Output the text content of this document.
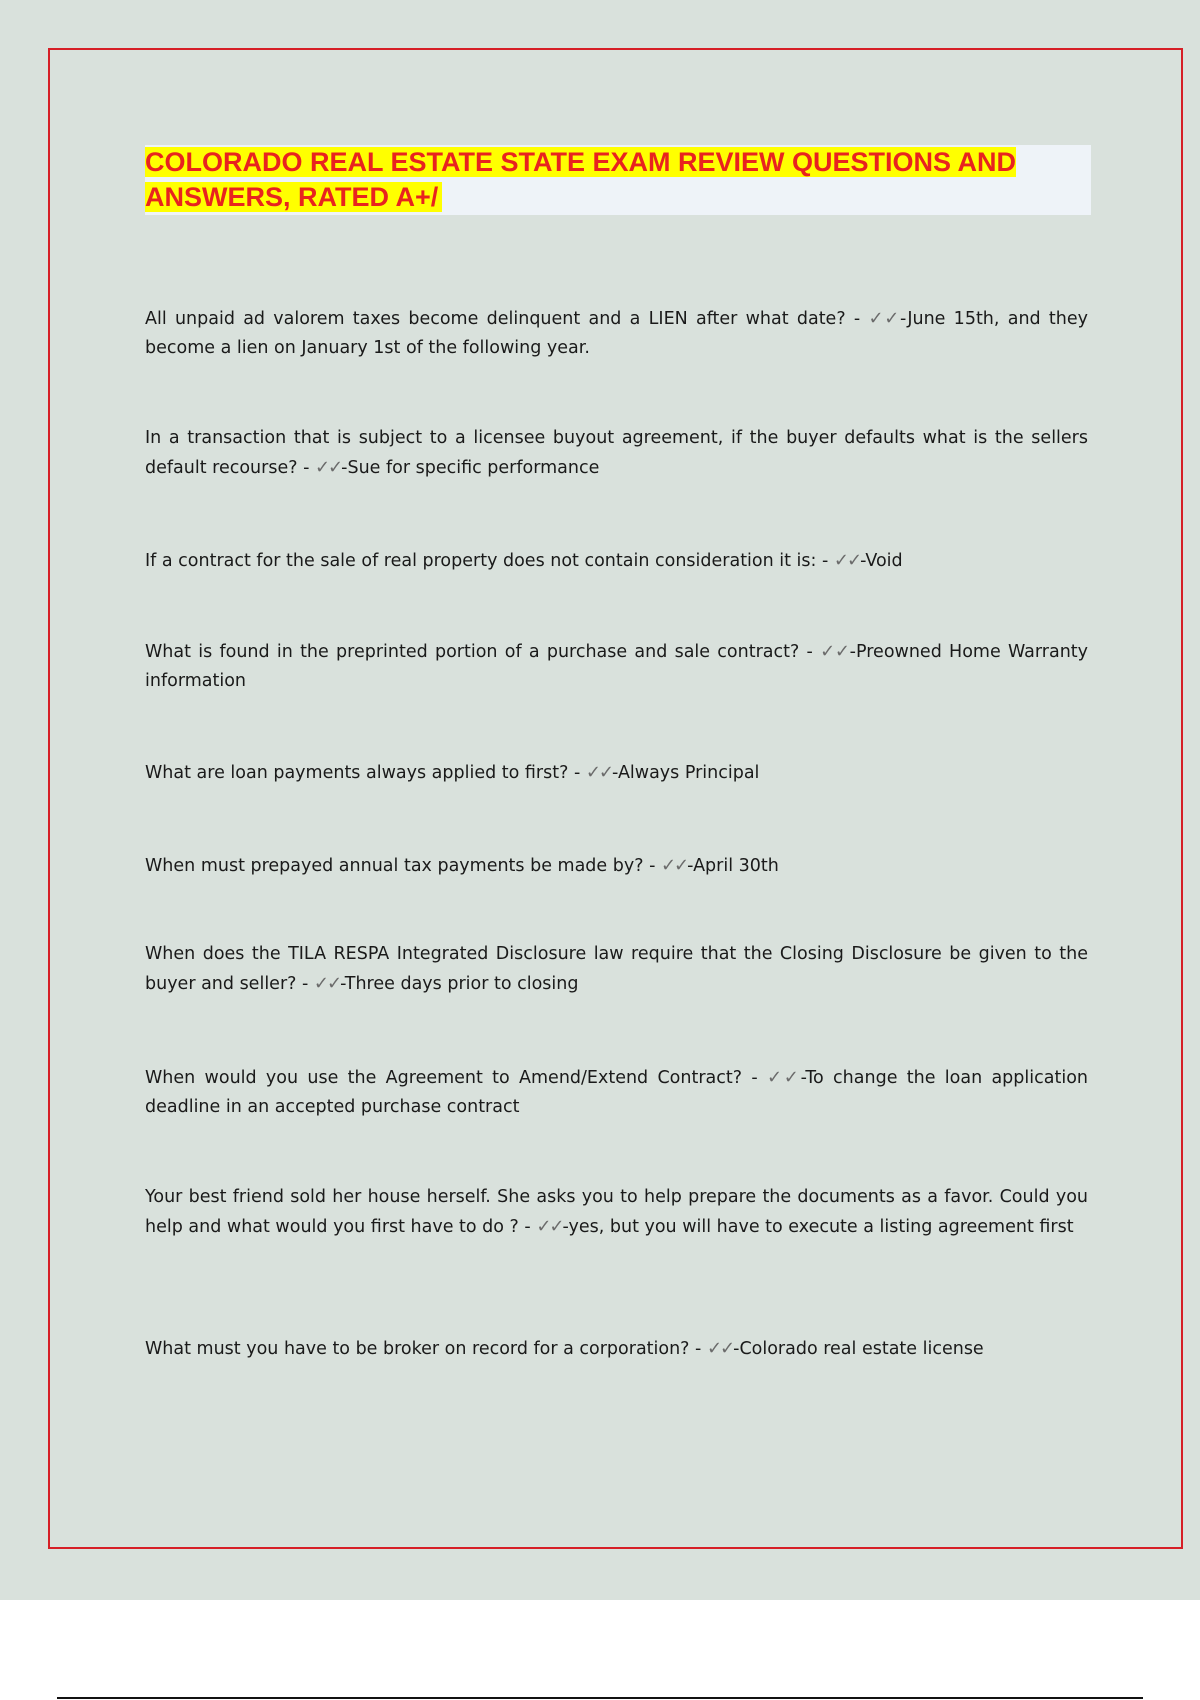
COLORADO REAL ESTATE STATE EXAM REVIEW QUESTIONS AND ANSWERS, RATED A+/

All unpaid ad valorem taxes become delinquent and a LIEN after what date? - ✓✓-June 15th, and they become a lien on January 1st of the following year.

In a transaction that is subject to a licensee buyout agreement, if the buyer defaults what is the sellers default recourse? - ✓✓-Sue for specific performance

If a contract for the sale of real property does not contain consideration it is: - ✓✓-Void

What is found in the preprinted portion of a purchase and sale contract? - ✓✓-Preowned Home Warranty information

What are loan payments always applied to first? - ✓✓-Always Principal

When must prepayed annual tax payments be made by? - ✓✓-April 30th

When does the TILA RESPA Integrated Disclosure law require that the Closing Disclosure be given to the buyer and seller? - ✓✓-Three days prior to closing

When would you use the Agreement to Amend/Extend Contract? - ✓✓-To change the loan application deadline in an accepted purchase contract

Your best friend sold her house herself. She asks you to help prepare the documents as a favor. Could you help and what would you first have to do ? - ✓✓-yes, but you will have to execute a listing agreement first

What must you have to be broker on record for a corporation? - ✓✓-Colorado real estate license
